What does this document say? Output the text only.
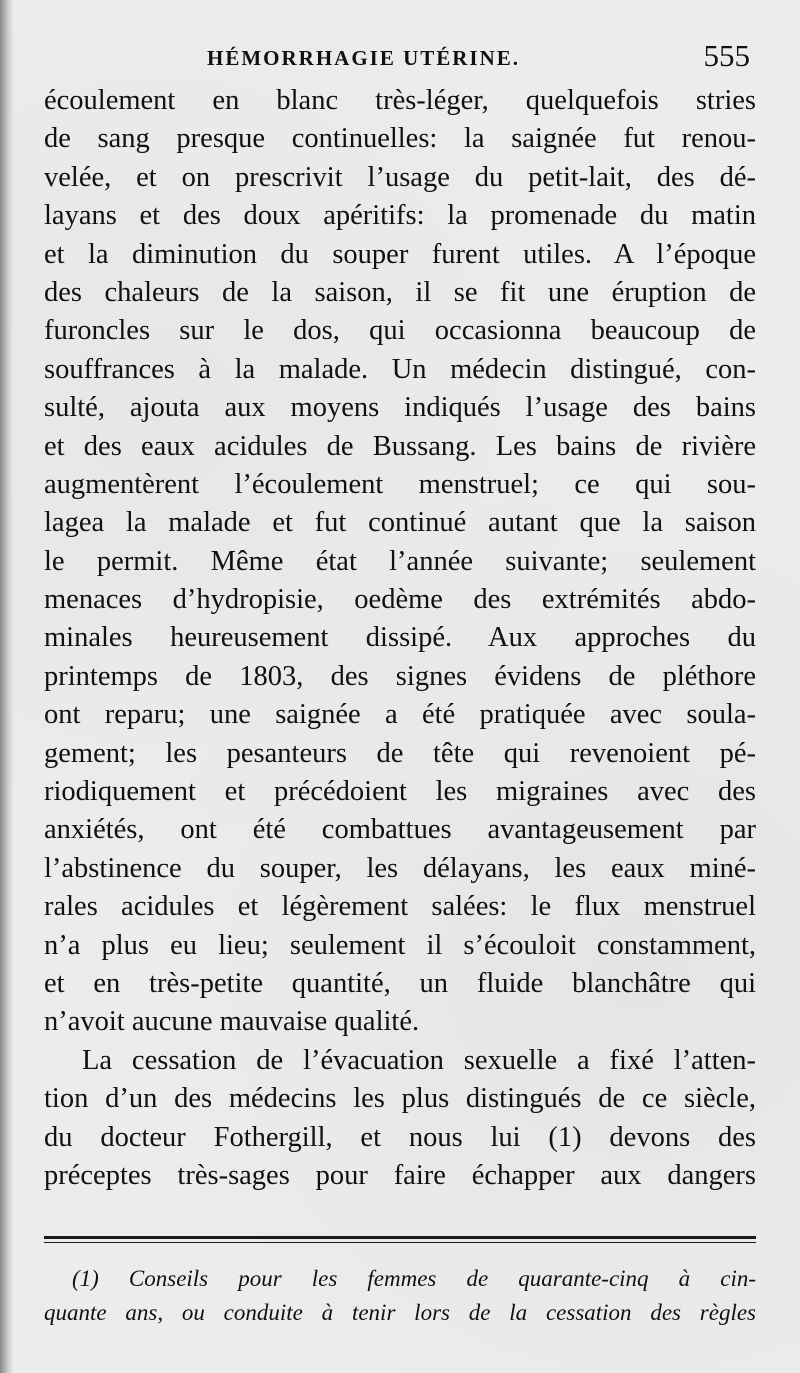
HÉMORRHAGIE UTÉRINE.	555
écoulement en blanc très-léger, quelquefois stries
de sang presque continuelles: la saignée fut renou-
velée, et on prescrivit l’usage du petit-lait, des dé-
layans et des doux apéritifs: la promenade du matin
et la diminution du souper furent utiles. A l’époque
des chaleurs de la saison, il se fit une éruption de
furoncles sur le dos, qui occasionna beaucoup de
souffrances à la malade. Un médecin distingué, con-
sulté, ajouta aux moyens indiqués l’usage des bains
et des eaux acidules de Bussang. Les bains de rivière
augmentèrent l’écoulement menstruel; ce qui sou-
lagea la malade et fut continué autant que la saison
le permit. Même état l’année suivante; seulement
menaces d’hydropisie, oedème des extrémités abdo-
minales heureusement dissipé. Aux approches du
printemps de 1803, des signes évidens de pléthore
ont reparu; une saignée a été pratiquée avec soula-
gement; les pesanteurs de tête qui revenoient pé-
riodiquement et précédoient les migraines avec des
anxiétés, ont été combattues avantageusement par
l’abstinence du souper, les délayans, les eaux miné-
rales acidules et légèrement salées: le flux menstruel
n’a plus eu lieu; seulement il s’écouloit constamment,
et en très-petite quantité, un fluide blanchâtre qui
n’avoit aucune mauvaise qualité.
La cessation de l’évacuation sexuelle a fixé l’atten-
tion d’un des médecins les plus distingués de ce siècle,
du docteur Fothergill, et nous lui (1) devons des
préceptes très-sages pour faire échapper aux dangers
(1) Conseils pour les femmes de quarante-cinq à cin-
quante ans, ou conduite à tenir lors de la cessation des règles
